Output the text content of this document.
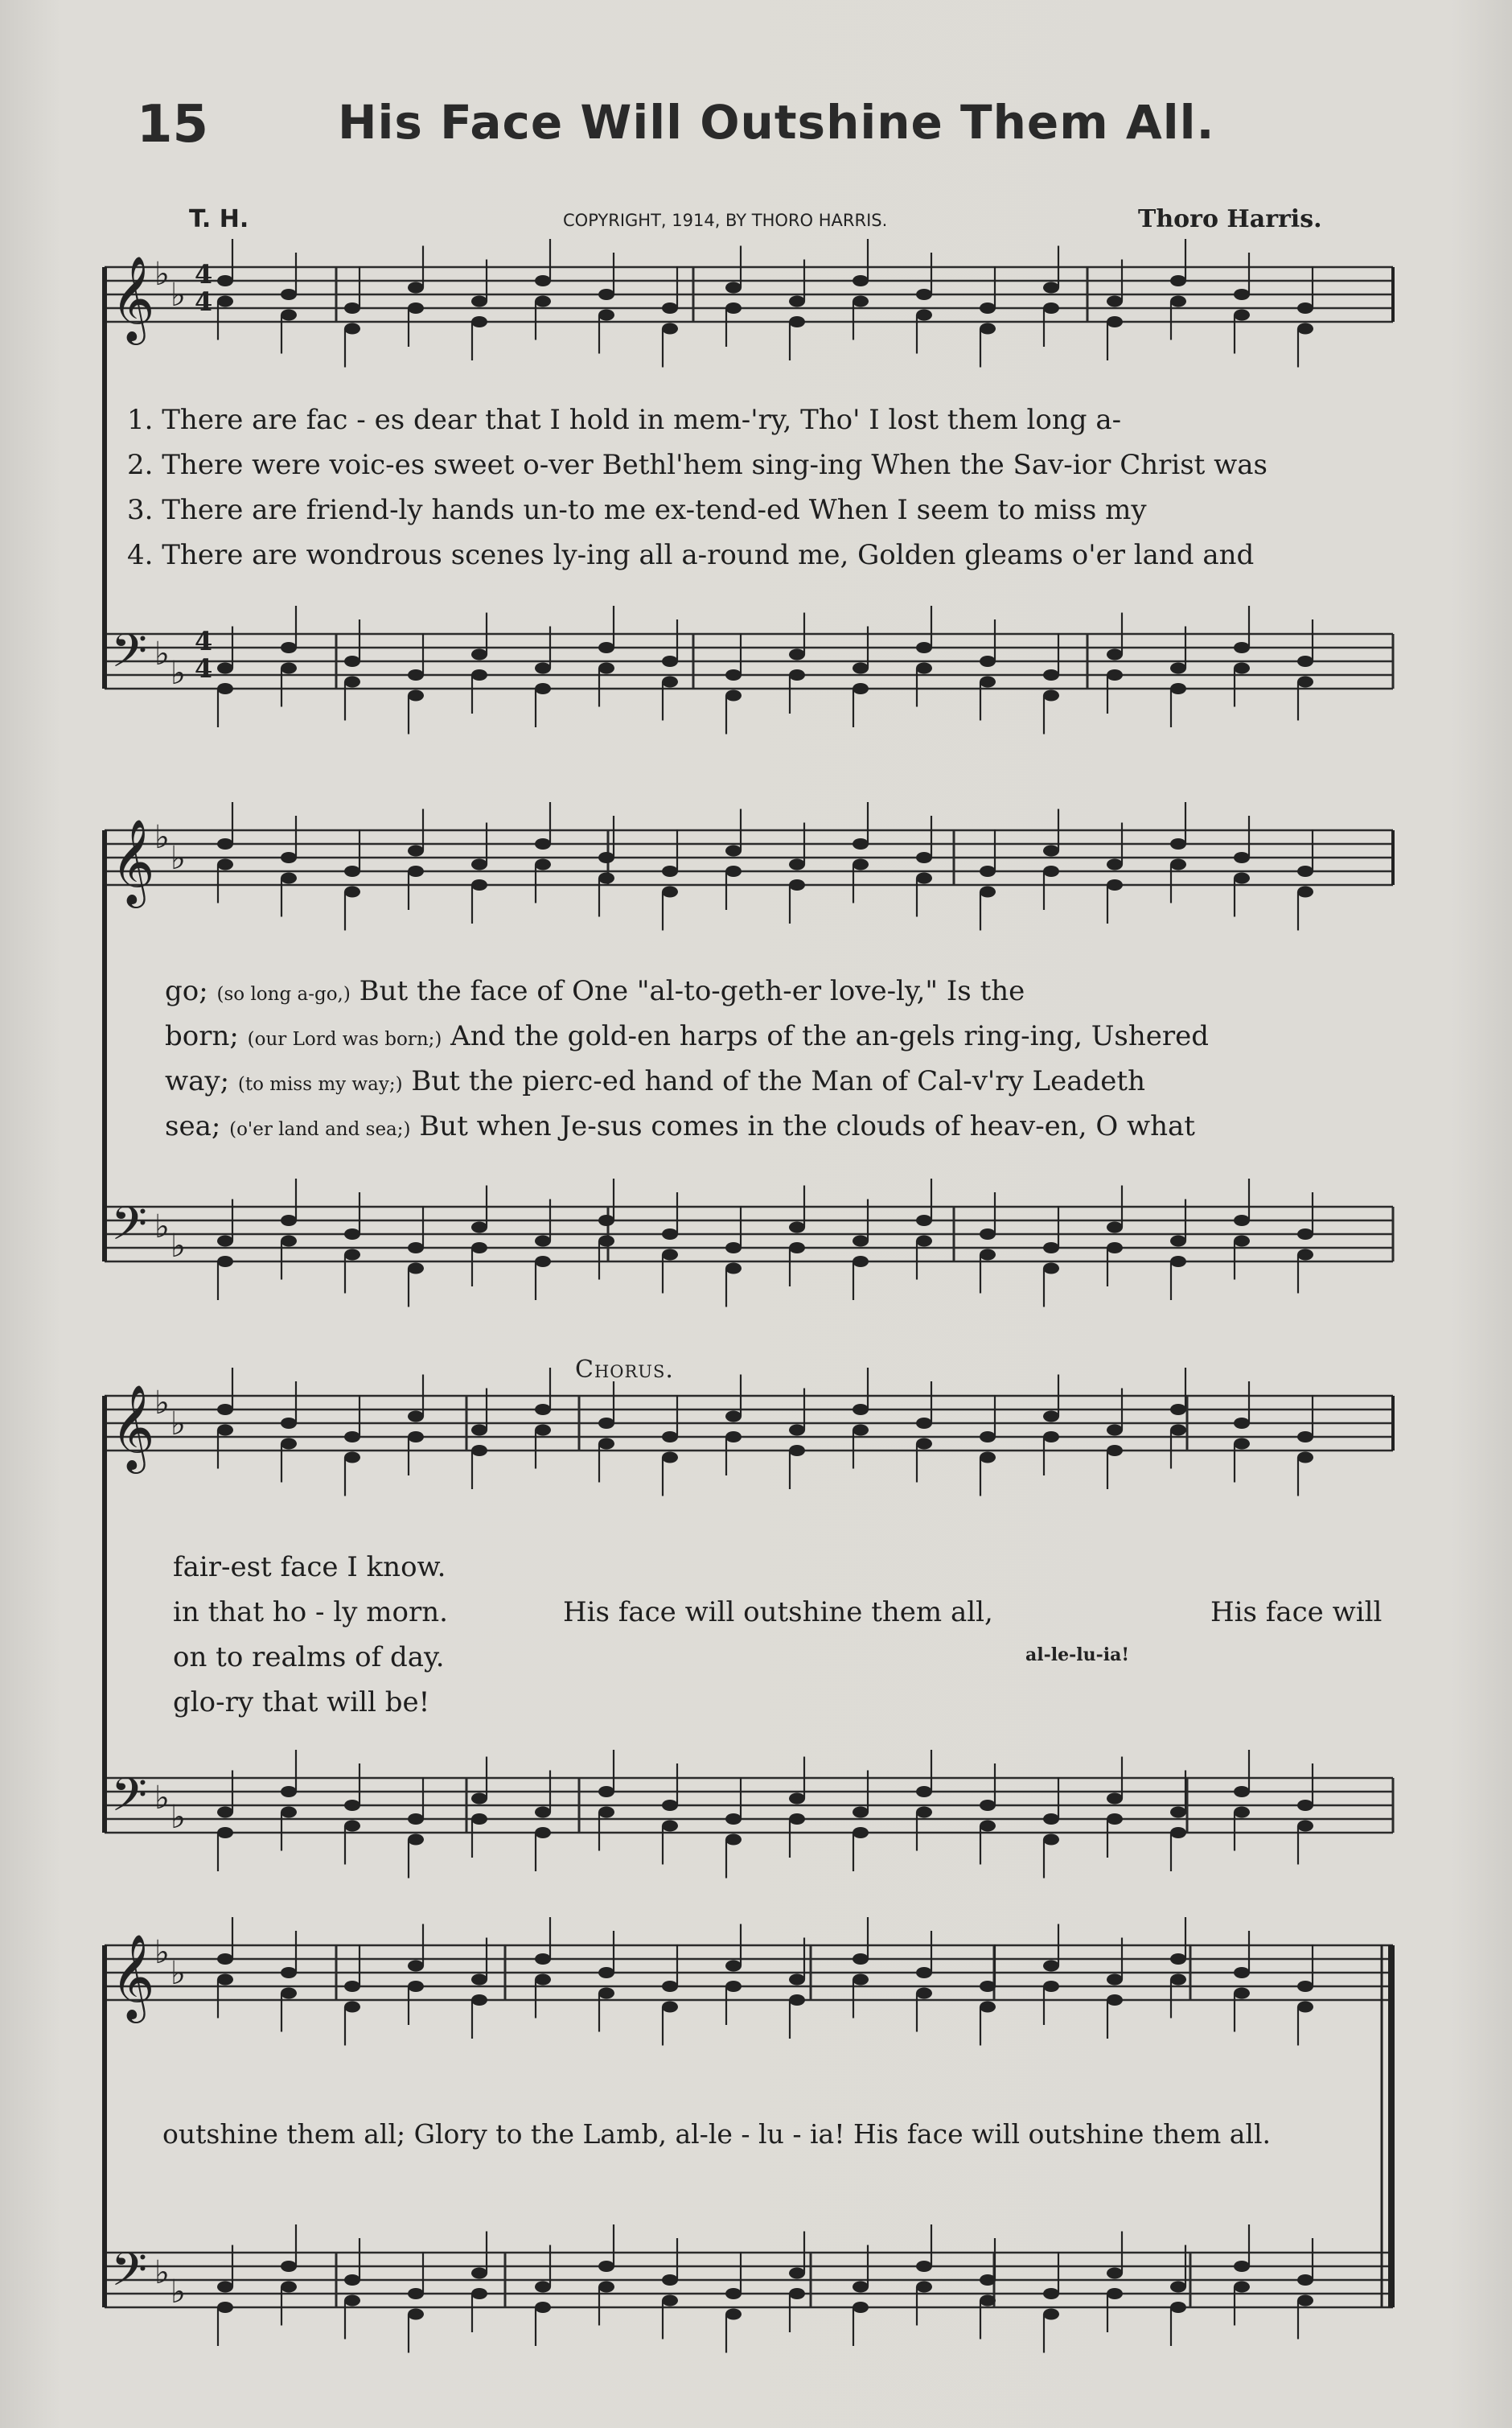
15	His Face Will Outshine Them All.
T. H.	COPYRIGHT, 1914, BY THORO HARRIS.	Thoro Harris.
𝄞 ♭
♭
𝄢 ♭
♭
𝄞 ♭
♭
𝄢 ♭
♭
𝄞 ♭
♭
𝄢 ♭
♭
𝄞 ♭
♭
𝄢 ♭
♭
4
4
4
4
1. There are fac - es dear that I hold in mem-'ry, Tho' I lost them long a-
2. There were voic-es sweet o-ver Bethl'hem sing-ing When the Sav-ior Christ was
3. There are friend-ly hands un-to me ex-tend-ed When I seem to miss my
4. There are wondrous scenes ly-ing all a-round me, Golden gleams o'er land and
go; (so long a-go,) But the face of One "al-to-geth-er love-ly," Is the
born; (our Lord was born;) And the gold-en harps of the an-gels ring-ing, Ushered
way; (to miss my way;) But the pierc-ed hand of the Man of Cal-v'ry Leadeth
sea; (o'er land and sea;) But when Je-sus comes in the clouds of heav-en, O what
Chorus.
fair-est face I know.
in that ho - ly morn.
on to realms of day.
glo-ry that will be!
His face will outshine them all,	His face will
al-le-lu-ia!
outshine them all; Glory to the Lamb, al-le - lu - ia! His face will outshine them all.
